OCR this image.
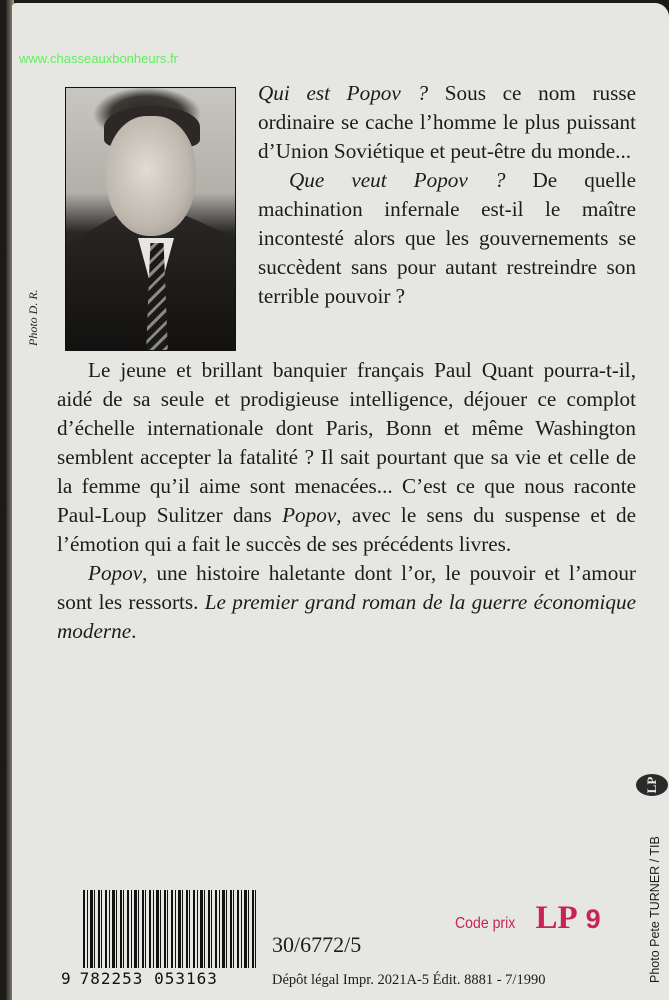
www.chasseauxbonheurs.fr
Photo D. R.

Qui est Popov ? Sous ce nom russe ordinaire se cache l’homme le plus puissant d’Union Soviétique et peut-être du monde...

Que veut Popov ? De quelle machination infernale est-il le maître incontesté alors que les gouvernements se succèdent sans pour autant restreindre son terrible pouvoir ?

Le jeune et brillant banquier français Paul Quant pourra-t-il, aidé de sa seule et prodigieuse intelligence, déjouer ce complot d’échelle internationale dont Paris, Bonn et même Washington semblent accepter la fatalité ? Il sait pourtant que sa vie et celle de la femme qu’il aime sont menacées... C’est ce que nous raconte Paul-Loup Sulitzer dans Popov, avec le sens du suspense et de l’émotion qui a fait le succès de ses précédents livres.

Popov, une histoire haletante dont l’or, le pouvoir et l’amour sont les ressorts. Le premier grand roman de la guerre économique moderne.

LP
9 782253 053163
Code prix LP 9
30/6772/5
Dépôt légal Impr. 2021A-5 Édit. 8881 - 7/1990	Photo Pete TURNER / TIB
